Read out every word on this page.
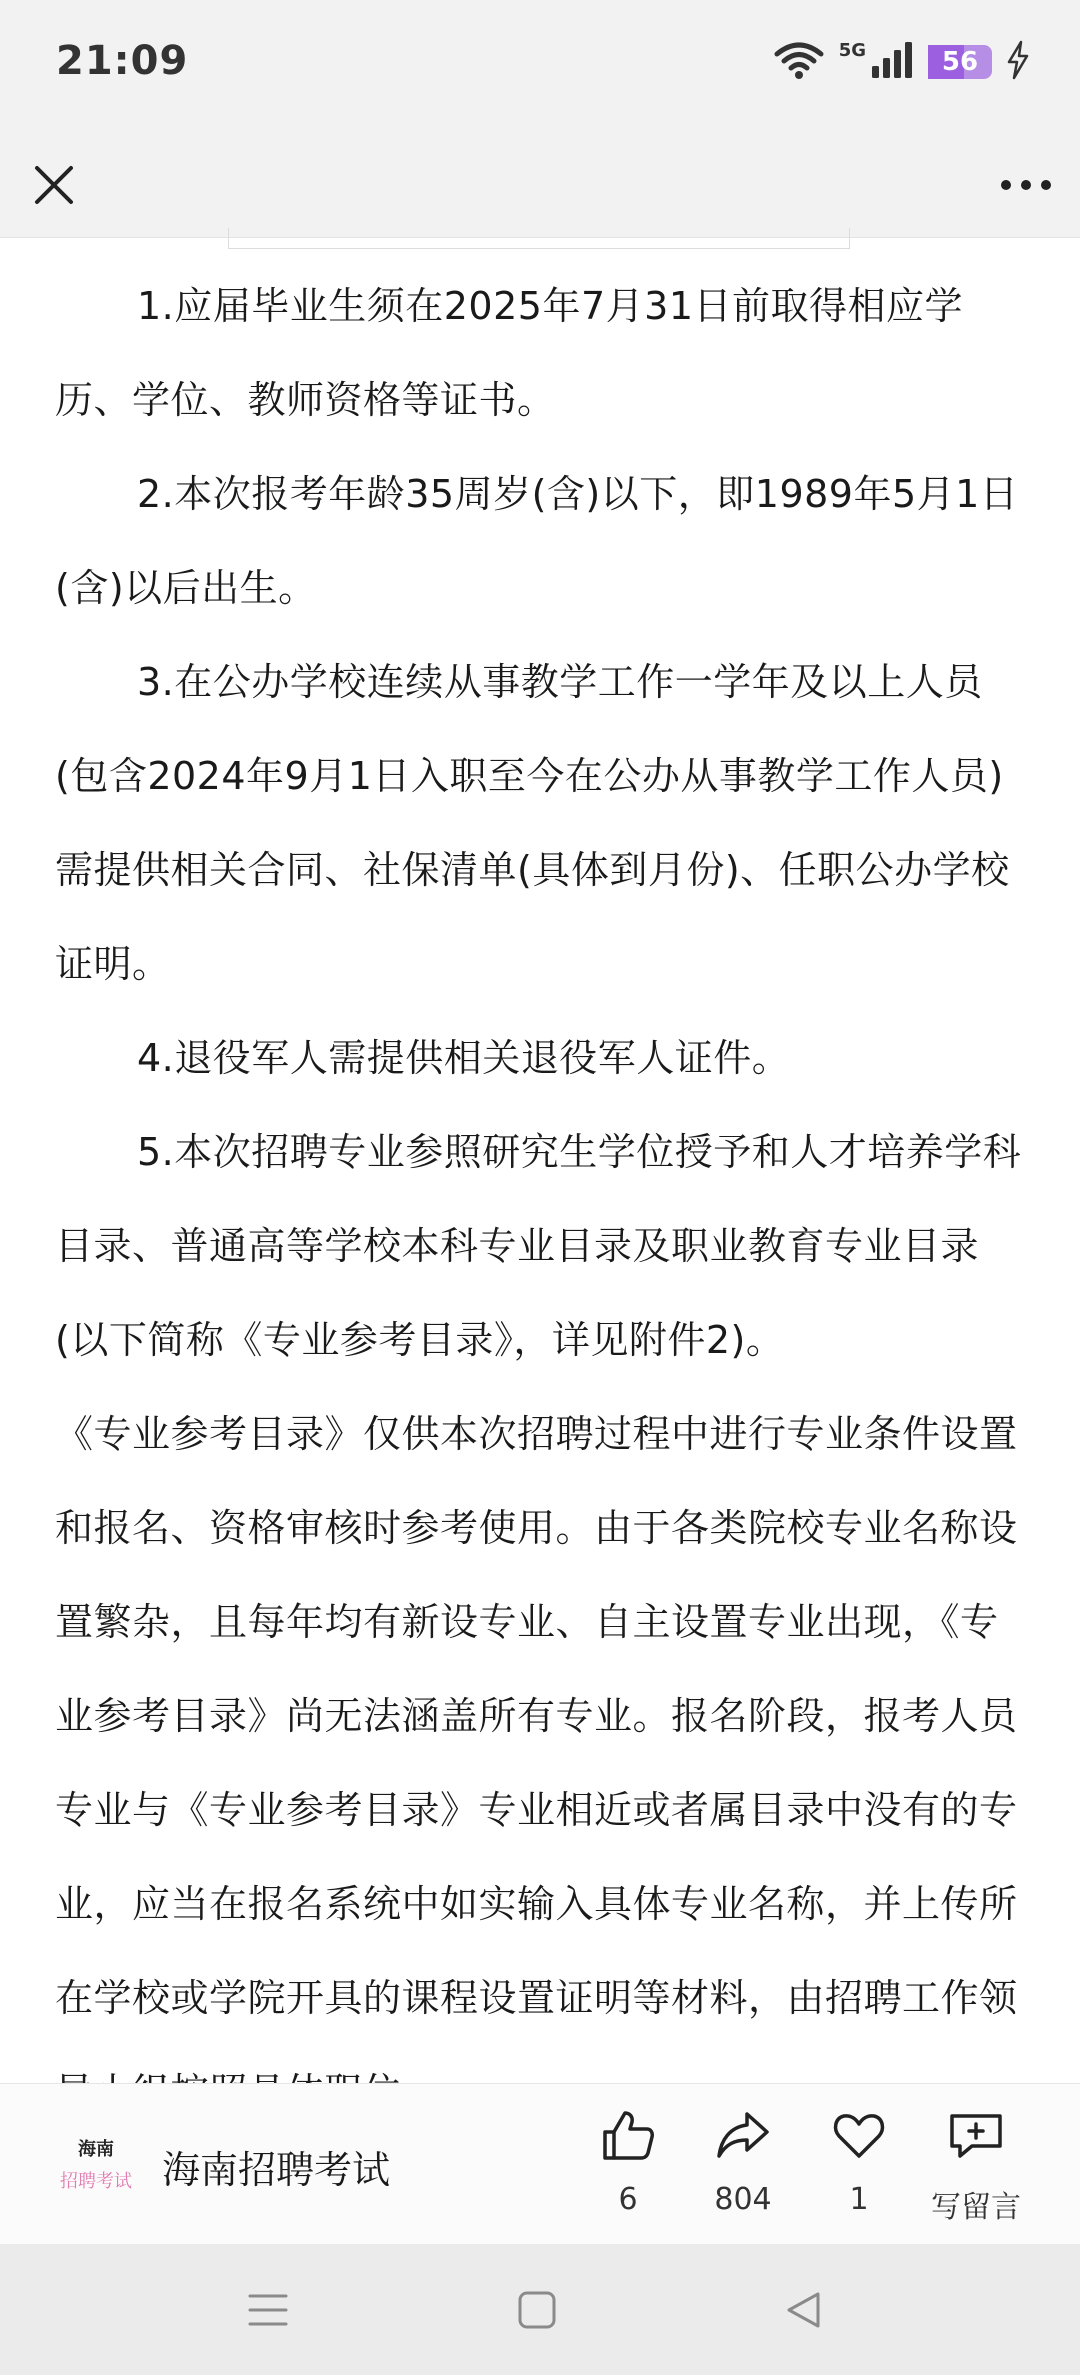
21:09	5G	56

1.应届毕业生须在2025年7月31日前取得相应学历、学位、教师资格等证书。

2.本次报考年龄35周岁(含)以下，即1989年5月1日(含)以后出生。

3.在公办学校连续从事教学工作一学年及以上人员(包含2024年9月1日入职至今在公办从事教学工作人员)需提供相关合同、社保清单(具体到月份)、任职公办学校证明。

4.退役军人需提供相关退役军人证件。

5.本次招聘专业参照研究生学位授予和人才培养学科目录、普通高等学校本科专业目录及职业教育专业目录(以下简称《专业参考目录》，详见附件2)。

《专业参考目录》仅供本次招聘过程中进行专业条件设置和报名、资格审核时参考使用。由于各类院校专业名称设置繁杂，且每年均有新设专业、自主设置专业出现，《专业参考目录》尚无法涵盖所有专业。报名阶段，报考人员专业与《专业参考目录》专业相近或者属目录中没有的专业，应当在报名系统中如实输入具体专业名称，并上传所在学校或学院开具的课程设置证明等材料，由招聘工作领

海南
招聘考试 海南招聘考试
6	804	1 写留言
